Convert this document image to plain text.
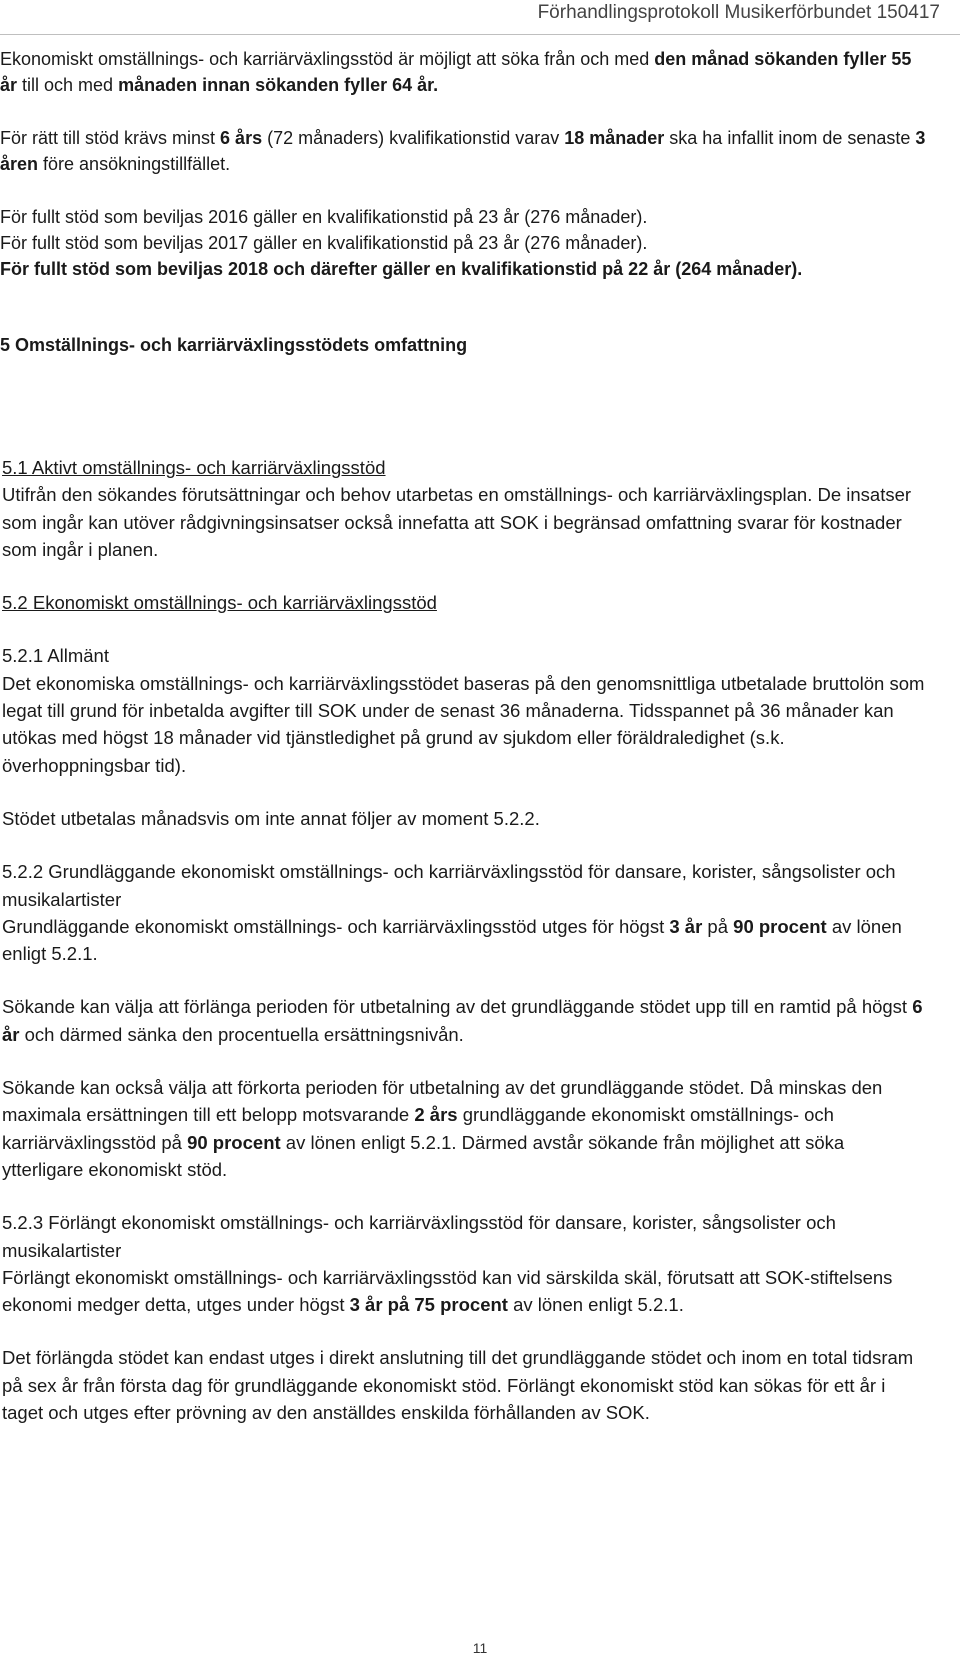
Förhandlingsprotokoll Musikerförbundet 150417

Ekonomiskt omställnings- och karriärväxlingsstöd är möjligt att söka från och med den månad sökanden fyller 55 år till och med månaden innan sökanden fyller 64 år.

För rätt till stöd krävs minst 6 års (72 månaders) kvalifikationstid varav 18 månader ska ha infallit inom de senaste 3 åren före ansökningstillfället.

För fullt stöd som beviljas 2016 gäller en kvalifikationstid på 23 år (276 månader).

För fullt stöd som beviljas 2017 gäller en kvalifikationstid på 23 år (276 månader).

För fullt stöd som beviljas 2018 och därefter gäller en kvalifikationstid på 22 år (264 månader).

5 Omställnings- och karriärväxlingsstödets omfattning

5.1 Aktivt omställnings- och karriärväxlingsstöd

Utifrån den sökandes förutsättningar och behov utarbetas en omställnings- och karriärväxlingsplan. De insatser som ingår kan utöver rådgivningsinsatser också innefatta att SOK i begränsad omfattning svarar för kostnader som ingår i planen.

5.2 Ekonomiskt omställnings- och karriärväxlingsstöd

5.2.1 Allmänt

Det ekonomiska omställnings- och karriärväxlingsstödet baseras på den genomsnittliga utbetalade bruttolön som legat till grund för inbetalda avgifter till SOK under de senast 36 månaderna. Tidsspannet på 36 månader kan utökas med högst 18 månader vid tjänstledighet på grund av sjukdom eller föräldraledighet (s.k. överhoppningsbar tid).

Stödet utbetalas månadsvis om inte annat följer av moment 5.2.2.

5.2.2 Grundläggande ekonomiskt omställnings- och karriärväxlingsstöd för dansare, korister, sångsolister och musikalartister

Grundläggande ekonomiskt omställnings- och karriärväxlingsstöd utges för högst 3 år på 90 procent av lönen enligt 5.2.1.

Sökande kan välja att förlänga perioden för utbetalning av det grundläggande stödet upp till en ramtid på högst 6 år och därmed sänka den procentuella ersättningsnivån.

Sökande kan också välja att förkorta perioden för utbetalning av det grundläggande stödet. Då minskas den maximala ersättningen till ett belopp motsvarande 2 års grundläggande ekonomiskt omställnings- och karriärväxlingsstöd på 90 procent av lönen enligt 5.2.1. Därmed avstår sökande från möjlighet att söka ytterligare ekonomiskt stöd.

5.2.3 Förlängt ekonomiskt omställnings- och karriärväxlingsstöd för dansare, korister, sångsolister och musikalartister

Förlängt ekonomiskt omställnings- och karriärväxlingsstöd kan vid särskilda skäl, förutsatt att SOK-stiftelsens ekonomi medger detta, utges under högst 3 år på 75 procent av lönen enligt 5.2.1.

Det förlängda stödet kan endast utges i direkt anslutning till det grundläggande stödet och inom en total tidsram på sex år från första dag för grundläggande ekonomiskt stöd. Förlängt ekonomiskt stöd kan sökas för ett år i taget och utges efter prövning av den anställdes enskilda förhållanden av SOK.

11
